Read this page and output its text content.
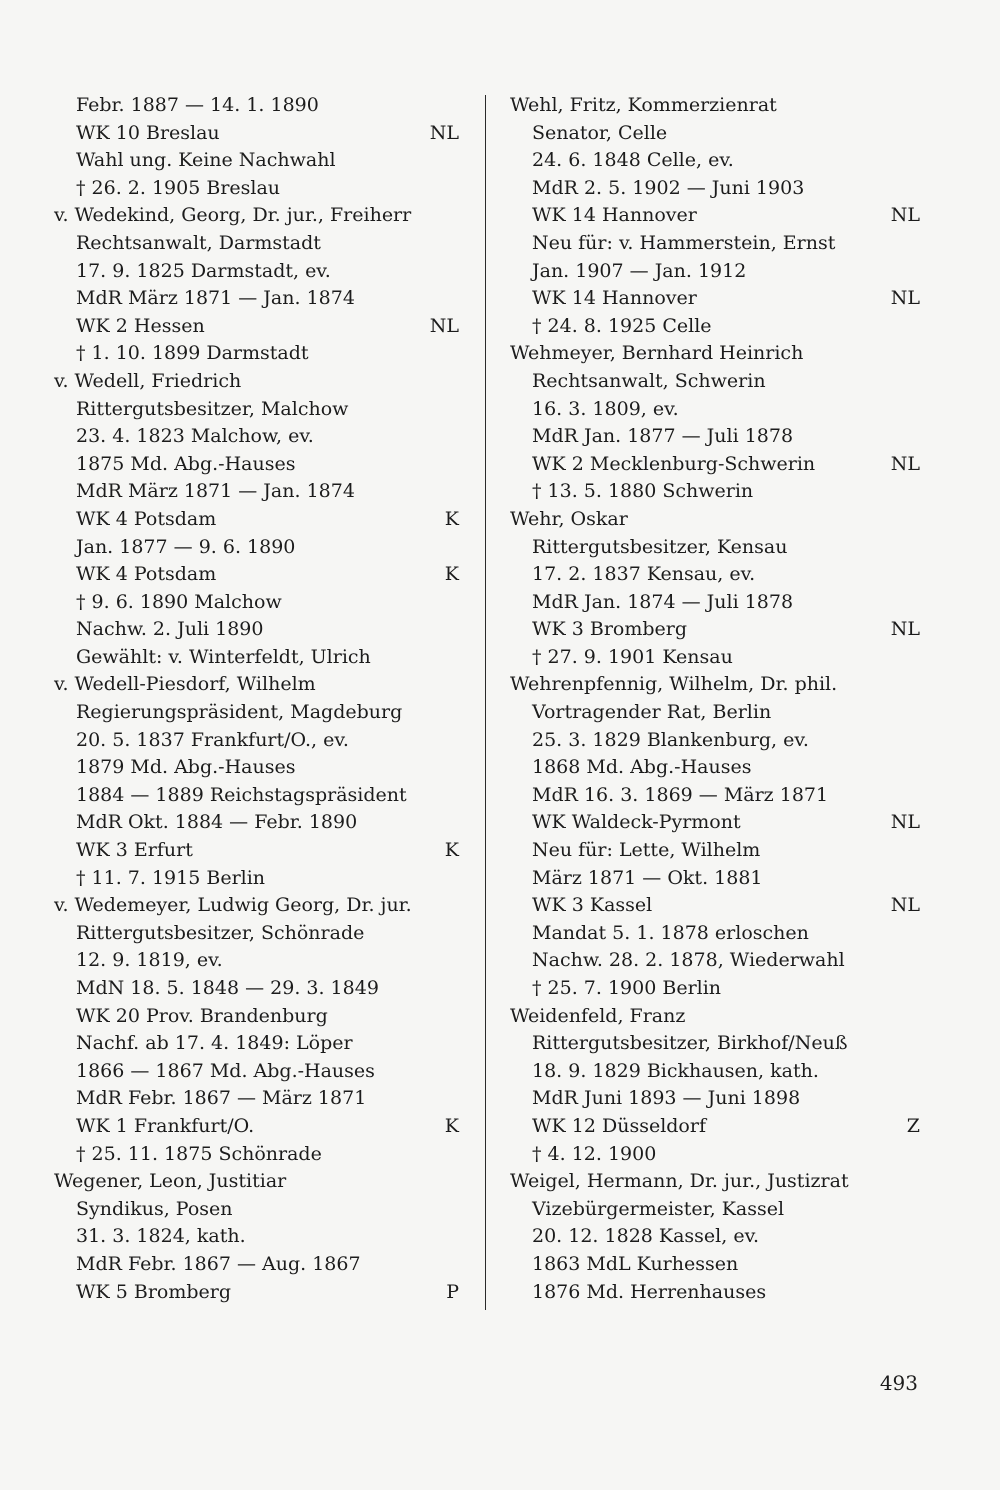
Febr. 1887 — 14. 1. 1890
WK 10 Breslau	NL
Wahl ung. Keine Nachwahl
† 26. 2. 1905 Breslau
v. Wedekind, Georg, Dr. jur., Freiherr
Rechtsanwalt, Darmstadt
17. 9. 1825 Darmstadt, ev.
MdR März 1871 — Jan. 1874
WK 2 Hessen	NL
† 1. 10. 1899 Darmstadt
v. Wedell, Friedrich
Rittergutsbesitzer, Malchow
23. 4. 1823 Malchow, ev.
1875 Md. Abg.-Hauses
MdR März 1871 — Jan. 1874
WK 4 Potsdam	K
Jan. 1877 — 9. 6. 1890
WK 4 Potsdam	K
† 9. 6. 1890 Malchow
Nachw. 2. Juli 1890
Gewählt: v. Winterfeldt, Ulrich
v. Wedell-Piesdorf, Wilhelm
Regierungspräsident, Magdeburg
20. 5. 1837 Frankfurt/O., ev.
1879 Md. Abg.-Hauses
1884 — 1889 Reichstagspräsident
MdR Okt. 1884 — Febr. 1890
WK 3 Erfurt	K
† 11. 7. 1915 Berlin
v. Wedemeyer, Ludwig Georg, Dr. jur.
Rittergutsbesitzer, Schönrade
12. 9. 1819, ev.
MdN 18. 5. 1848 — 29. 3. 1849
WK 20 Prov. Brandenburg
Nachf. ab 17. 4. 1849: Löper
1866 — 1867 Md. Abg.-Hauses
MdR Febr. 1867 — März 1871
WK 1 Frankfurt/O.	K
† 25. 11. 1875 Schönrade
Wegener, Leon, Justitiar
Syndikus, Posen
31. 3. 1824, kath.
MdR Febr. 1867 — Aug. 1867
WK 5 Bromberg	P
Wehl, Fritz, Kommerzienrat
Senator, Celle
24. 6. 1848 Celle, ev.
MdR 2. 5. 1902 — Juni 1903
WK 14 Hannover	NL
Neu für: v. Hammerstein, Ernst
Jan. 1907 — Jan. 1912
WK 14 Hannover	NL
† 24. 8. 1925 Celle
Wehmeyer, Bernhard Heinrich
Rechtsanwalt, Schwerin
16. 3. 1809, ev.
MdR Jan. 1877 — Juli 1878
WK 2 Mecklenburg-Schwerin	NL
† 13. 5. 1880 Schwerin
Wehr, Oskar
Rittergutsbesitzer, Kensau
17. 2. 1837 Kensau, ev.
MdR Jan. 1874 — Juli 1878
WK 3 Bromberg	NL
† 27. 9. 1901 Kensau
Wehrenpfennig, Wilhelm, Dr. phil.
Vortragender Rat, Berlin
25. 3. 1829 Blankenburg, ev.
1868 Md. Abg.-Hauses
MdR 16. 3. 1869 — März 1871
WK Waldeck-Pyrmont	NL
Neu für: Lette, Wilhelm
März 1871 — Okt. 1881
WK 3 Kassel	NL
Mandat 5. 1. 1878 erloschen
Nachw. 28. 2. 1878, Wiederwahl
† 25. 7. 1900 Berlin
Weidenfeld, Franz
Rittergutsbesitzer, Birkhof/Neuß
18. 9. 1829 Bickhausen, kath.
MdR Juni 1893 — Juni 1898
WK 12 Düsseldorf	Z
† 4. 12. 1900
Weigel, Hermann, Dr. jur., Justizrat
Vizebürgermeister, Kassel
20. 12. 1828 Kassel, ev.
1863 MdL Kurhessen
1876 Md. Herrenhauses
493
